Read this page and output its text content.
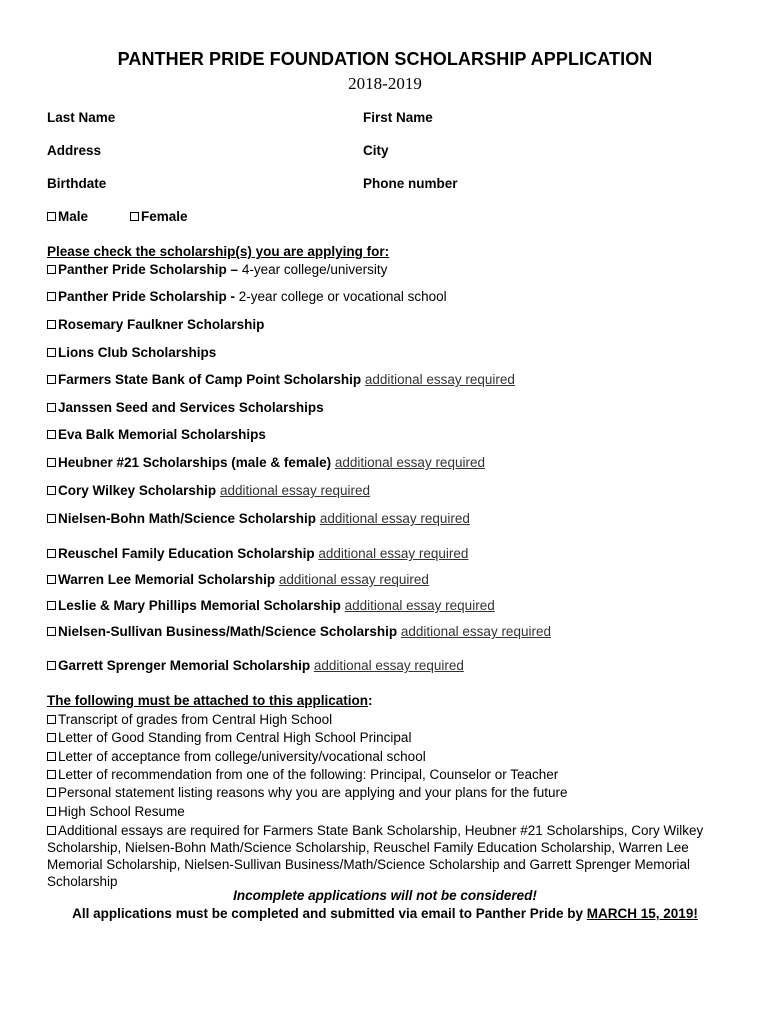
PANTHER PRIDE FOUNDATION SCHOLARSHIP APPLICATION
2018-2019
Last Name	First Name
Address	City
Birthdate	Phone number
Male	Female
Please check the scholarship(s) you are applying for:
Panther Pride Scholarship – 4-year college/university
Panther Pride Scholarship - 2-year college or vocational school
Rosemary Faulkner Scholarship
Lions Club Scholarships
Farmers State Bank of Camp Point Scholarship additional essay required
Janssen Seed and Services Scholarships
Eva Balk Memorial Scholarships
Heubner #21 Scholarships (male & female) additional essay required
Cory Wilkey Scholarship additional essay required
Nielsen-Bohn Math/Science Scholarship additional essay required
Reuschel Family Education Scholarship additional essay required
Warren Lee Memorial Scholarship additional essay required
Leslie & Mary Phillips Memorial Scholarship additional essay required
Nielsen-Sullivan Business/Math/Science Scholarship additional essay required
Garrett Sprenger Memorial Scholarship additional essay required
The following must be attached to this application:
Transcript of grades from Central High School
Letter of Good Standing from Central High School Principal
Letter of acceptance from college/university/vocational school
Letter of recommendation from one of the following: Principal, Counselor or Teacher
Personal statement listing reasons why you are applying and your plans for the future
High School Resume
Additional essays are required for Farmers State Bank Scholarship, Heubner #21 Scholarships, Cory Wilkey Scholarship, Nielsen-Bohn Math/Science Scholarship, Reuschel Family Education Scholarship, Warren Lee Memorial Scholarship, Nielsen-Sullivan Business/Math/Science Scholarship and Garrett Sprenger Memorial Scholarship
Incomplete applications will not be considered!
All applications must be completed and submitted via email to Panther Pride by MARCH 15, 2019!
